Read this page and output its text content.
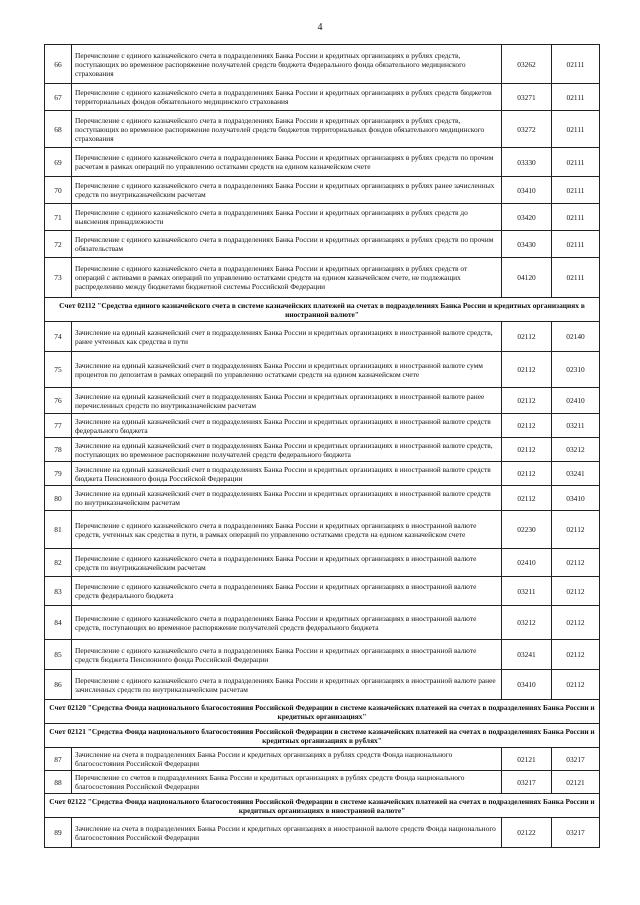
4
66	Перечисление с единого казначейского счета в подразделениях Банка России и кредитных организациях в рублях средств, поступающих во временное распоряжение получателей средств бюджета Федерального фонда обязательного медицинского страхования	03262	02111
67	Перечисление с единого казначейского счета в подразделениях Банка России и кредитных организациях в рублях средств бюджетов территориальных фондов обязательного медицинского страхования	03271	02111
68	Перечисление с единого казначейского счета в подразделениях Банка России и кредитных организациях в рублях средств, поступающих во временное распоряжение получателей средств бюджетов территориальных фондов обязательного медицинского страхования	03272	02111
69	Перечисление с единого казначейского счета в подразделениях Банка России и кредитных организациях в рублях средств по прочим расчетам в рамках операций по управлению остатками средств на едином казначейском счете	03330	02111
70	Перечисление с единого казначейского счета в подразделениях Банка России и кредитных организациях в рублях ранее зачисленных средств по внутриказначейским расчетам	03410	02111
71	Перечисление с единого казначейского счета в подразделениях Банка России и кредитных организациях в рублях средств до выяснения принадлежности	03420	02111
72	Перечисление с единого казначейского счета в подразделениях Банка России и кредитных организациях в рублях средств по прочим обязательствам	03430	02111
73	Перечисление с единого казначейского счета в подразделениях Банка России и кредитных организациях в рублях средств от операций с активами в рамках операций по управлению остатками средств на едином казначейском счете, не подлежащих распределению между бюджетами бюджетной системы Российской Федерации	04120	02111
Счет 02112 "Средства единого казначейского счета в системе казначейских платежей на счетах в подразделениях Банка России и кредитных организациях в иностранной валюте"			
74	Зачисление на единый казначейский счет в подразделениях Банка России и кредитных организациях в иностранной валюте средств, ранее учтенных как средства в пути	02112	02140
75	Зачисление на единый казначейский счет в подразделениях Банка России и кредитных организациях в иностранной валюте сумм процентов по депозитам в рамках операций по управлению остатками средств на едином казначейском счете	02112	02310
76	Зачисление на единый казначейский счет в подразделениях Банка России и кредитных организациях в иностранной валюте ранее перечисленных средств по внутриказначейским расчетам	02112	02410
77	Зачисление на единый казначейский счет в подразделениях Банка России и кредитных организациях в иностранной валюте средств федерального бюджета	02112	03211
78	Зачисление на единый казначейский счет в подразделениях Банка России и кредитных организациях в иностранной валюте средств, поступающих во временное распоряжение получателей средств федерального бюджета	02112	03212
79	Зачисление на единый казначейский счет в подразделениях Банка России и кредитных организациях в иностранной валюте средств бюджета Пенсионного фонда Российской Федерации	02112	03241
80	Зачисление на единый казначейский счет в подразделениях Банка России и кредитных организациях в иностранной валюте средств по внутриказначейским расчетам	02112	03410
81	Перечисление с единого казначейского счета в подразделениях Банка России и кредитных организациях в иностранной валюте средств, учтенных как средства в пути, в рамках операций по управлению остатками средств на едином казначейском счете	02230	02112
82	Перечисление с единого казначейского счета в подразделениях Банка России и кредитных организациях в иностранной валюте средств по внутриказначейским расчетам	02410	02112
83	Перечисление с единого казначейского счета в подразделениях Банка России и кредитных организациях в иностранной валюте средств федерального бюджета	03211	02112
84	Перечисление с единого казначейского счета в подразделениях Банка России и кредитных организациях в иностранной валюте средств, поступающих во временное распоряжение получателей средств федерального бюджета	03212	02112
85	Перечисление с единого казначейского счета в подразделениях Банка России и кредитных организациях в иностранной валюте средств бюджета Пенсионного фонда Российской Федерации	03241	02112
86	Перечисление с единого казначейского счета в подразделениях Банка России и кредитных организациях в иностранной валюте ранее зачисленных средств по внутриказначейским расчетам	03410	02112
Счет 02120 "Средства Фонда национального благосостояния Российской Федерации в системе казначейских платежей на счетах в подразделениях Банка России и кредитных организациях"			
Счет 02121 "Средства Фонда национального благосостояния Российской Федерации в системе казначейских платежей на счетах в подразделениях Банка России и кредитных организациях в рублях"			
87	Зачисление на счета в подразделениях Банка России и кредитных организациях в рублях средств Фонда национального благосостояния Российской Федерации	02121	03217
88	Перечисление со счетов в подразделениях Банка России и кредитных организациях в рублях средств Фонда национального благосостояния Российской Федерации	03217	02121
Счет 02122 "Средства Фонда национального благосостояния Российской Федерации в системе казначейских платежей на счетах в подразделениях Банка России и кредитных организациях в иностранной валюте"			
89	Зачисление на счета в подразделениях Банка России и кредитных организациях в иностранной валюте средств Фонда национального благосостояния Российской Федерации	02122	03217
